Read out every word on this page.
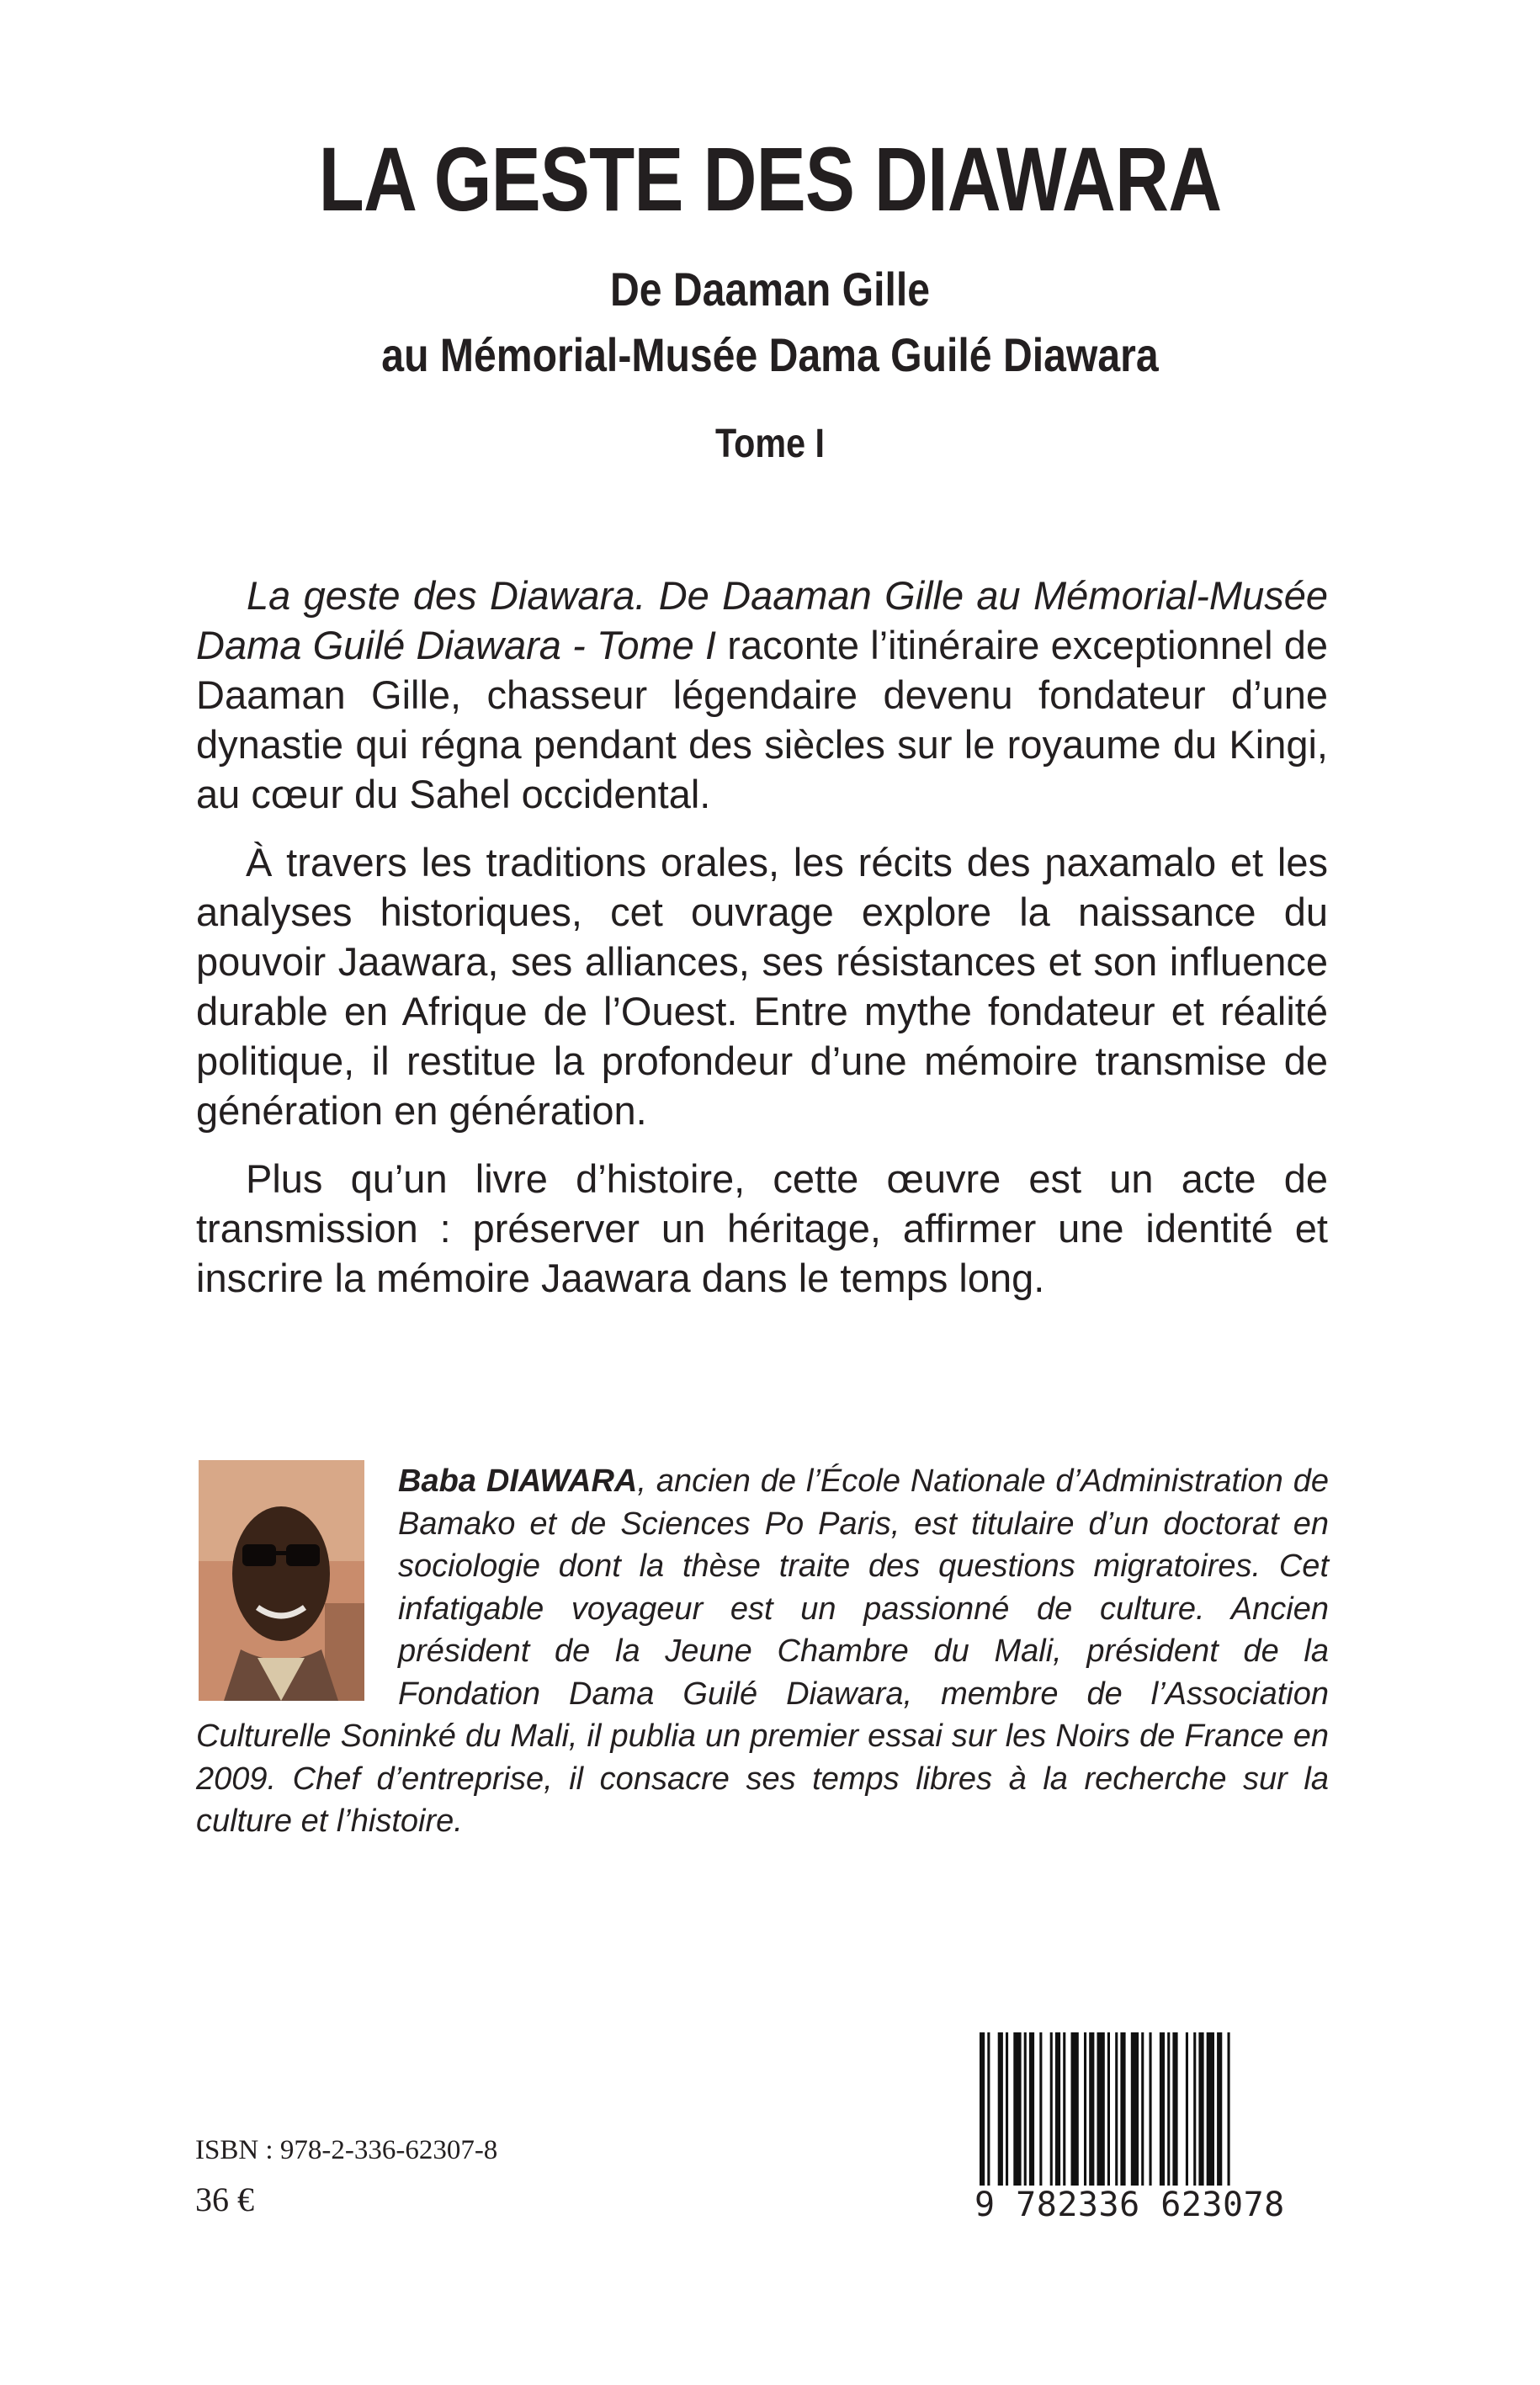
LA GESTE DES DIAWARA
De Daaman Gille
au Mémorial-Musée Dama Guilé Diawara
Tome I

La geste des Diawara. De Daaman Gille au Mémorial-Musée Dama Guilé Diawara - Tome I raconte l’itinéraire exceptionnel de Daaman Gille, chasseur légendaire devenu fondateur d’une dynastie qui régna pendant des siècles sur le royaume du Kingi, au cœur du Sahel occidental.

À travers les traditions orales, les récits des ɲaxamalo et les analyses historiques, cet ouvrage explore la naissance du pouvoir Jaawara, ses alliances, ses résistances et son influence durable en Afrique de l’Ouest. Entre mythe fondateur et réalité politique, il restitue la profondeur d’une mémoire transmise de génération en génération.

Plus qu’un livre d’histoire, cette œuvre est un acte de transmission : préserver un héritage, affirmer une identité et inscrire la mémoire Jaawara dans le temps long.

Baba DIAWARA, ancien de l’École Nationale d’Administration de Bamako et de Sciences Po Paris, est titulaire d’un doctorat en sociologie dont la thèse traite des questions migratoires. Cet infatigable voyageur est un passionné de culture. Ancien président de la Jeune Chambre du Mali, président de la Fondation Dama Guilé Diawara, membre de l’Association Culturelle Soninké du Mali, il publia un premier essai sur les Noirs de France en 2009. Chef d’entreprise, il consacre ses temps libres à la recherche sur la culture et l’histoire.
ISBN : 978-2-336-62307-8
36 €	9 782336 623078
